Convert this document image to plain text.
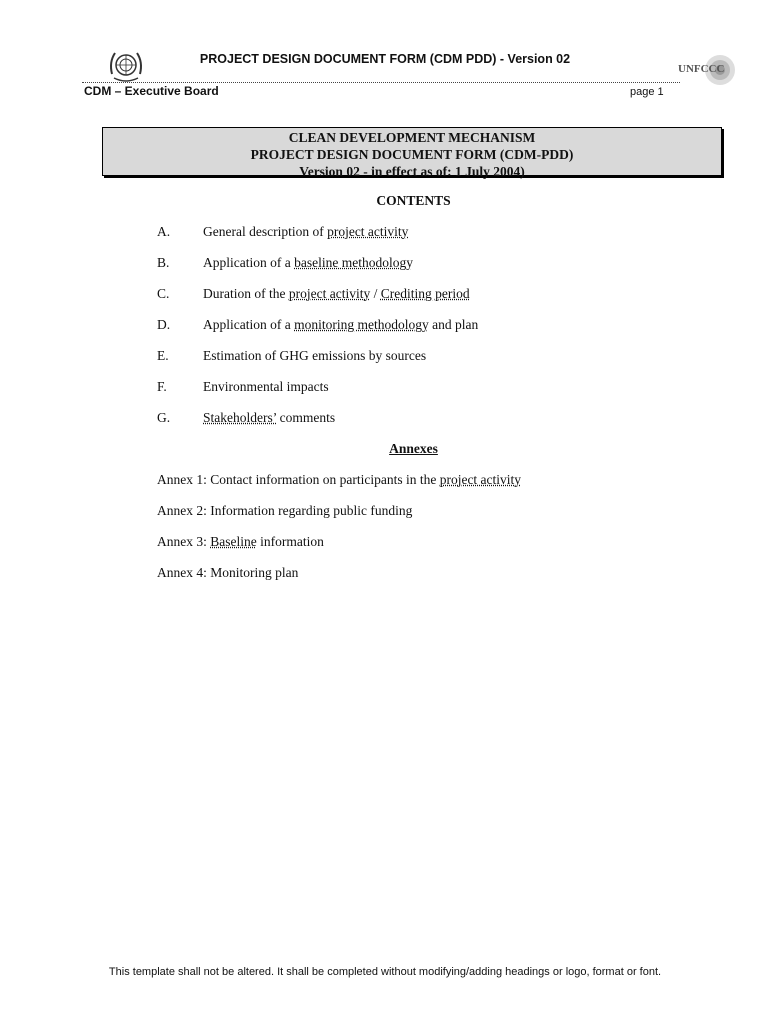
PROJECT DESIGN DOCUMENT FORM (CDM PDD) - Version 02
UNFCCC
CDM – Executive Board	page 1
CLEAN DEVELOPMENT MECHANISM
PROJECT DESIGN DOCUMENT FORM (CDM-PDD)
Version 02 - in effect as of: 1 July 2004)
CONTENTS
A. General description of project activity
B. Application of a baseline methodology
C. Duration of the project activity / Crediting period
D. Application of a monitoring methodology and plan
E.	Estimation of GHG emissions by sources
F.	Environmental impacts
G. Stakeholders’ comments
Annexes
Annex 1: Contact information on participants in the project activity
Annex 2: Information regarding public funding
Annex 3: Baseline information
Annex 4: Monitoring plan
This template shall not be altered. It shall be completed without modifying/adding headings or logo, format or font.
